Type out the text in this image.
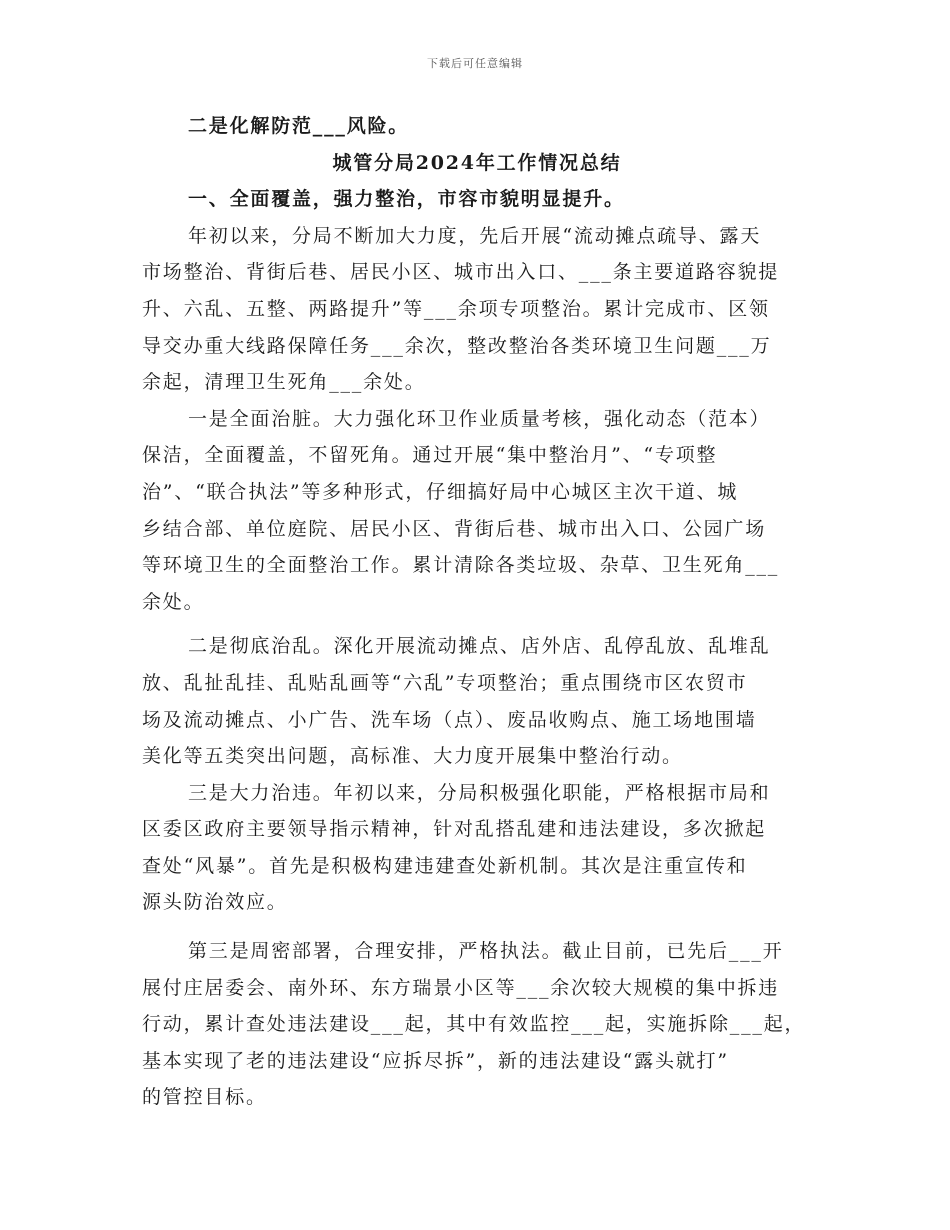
下载后可任意编辑
二是化解防范___风险。
城管分局2024年工作情况总结
一、全面覆盖，强力整治，市容市貌明显提升。
年初以来，分局不断加大力度，先后开展“流动摊点疏导、露天
市场整治、背街后巷、居民小区、城市出入口、___条主要道路容貌提
升、六乱、五整、两路提升”等___余项专项整治。累计完成市、区领
导交办重大线路保障任务___余次，整改整治各类环境卫生问题___万
余起，清理卫生死角___余处。
一是全面治脏。大力强化环卫作业质量考核，强化动态（范本）
保洁，全面覆盖，不留死角。通过开展“集中整治月”、“专项整
治”、“联合执法”等多种形式，仔细搞好局中心城区主次干道、城
乡结合部、单位庭院、居民小区、背街后巷、城市出入口、公园广场
等环境卫生的全面整治工作。累计清除各类垃圾、杂草、卫生死角___
余处。
二是彻底治乱。深化开展流动摊点、店外店、乱停乱放、乱堆乱
放、乱扯乱挂、乱贴乱画等“六乱”专项整治；重点围绕市区农贸市
场及流动摊点、小广告、洗车场（点）、废品收购点、施工场地围墙
美化等五类突出问题，高标准、大力度开展集中整治行动。
三是大力治违。年初以来，分局积极强化职能，严格根据市局和
区委区政府主要领导指示精神，针对乱搭乱建和违法建设，多次掀起
查处“风暴”。首先是积极构建违建查处新机制。其次是注重宣传和
源头防治效应。
第三是周密部署，合理安排，严格执法。截止目前，已先后___开
展付庄居委会、南外环、东方瑞景小区等___余次较大规模的集中拆违
行动，累计查处违法建设___起，其中有效监控___起，实施拆除___起，
基本实现了老的违法建设“应拆尽拆”，新的违法建设“露头就打”
的管控目标。
